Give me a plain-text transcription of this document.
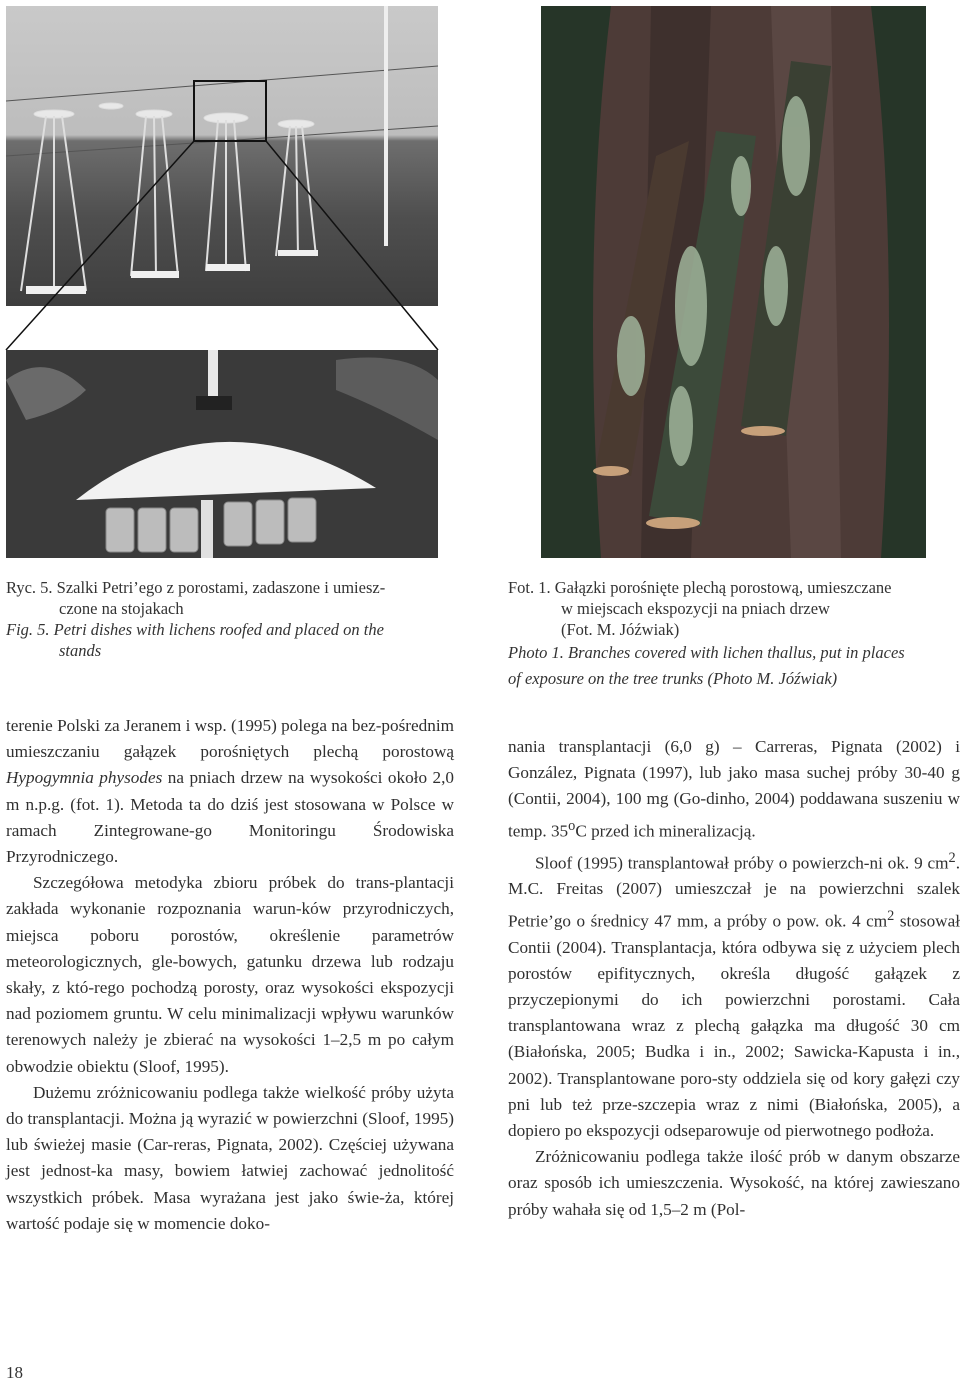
Ryc. 5. Szalki Petri’ego z porostami, zadaszone i umiesz-

czone na stojakach

Fig. 5. Petri dishes with lichens roofed and placed on the

stands

Fot. 1. Gałązki porośnięte plechą porostową, umieszczane

w miejscach ekspozycji na pniach drzew

(Fot. M. Jóźwiak)

Photo 1. Branches covered with lichen thallus, put in places

of exposure on the tree trunks (Photo M. Jóźwiak)

terenie Polski za Jeranem i wsp. (1995) polega na bez-pośrednim umieszczaniu gałązek porośniętych plechą porostową Hypogymnia physodes na pniach drzew na wysokości około 2,0 m n.p.g. (fot. 1). Metoda ta do dziś jest stosowana w Polsce w ramach Zintegrowane-go Monitoringu Środowiska Przyrodniczego.

Szczegółowa metodyka zbioru próbek do trans-plantacji zakłada wykonanie rozpoznania warun-ków przyrodniczych, miejsca poboru porostów, określenie parametrów meteorologicznych, gle-bowych, gatunku drzewa lub rodzaju skały, z któ-rego pochodzą porosty, oraz wysokości ekspozycji nad poziomem gruntu. W celu minimalizacji wpływu warunków terenowych należy je zbierać na wysokości 1–2,5 m po całym obwodzie obiektu (Sloof, 1995).

Dużemu zróżnicowaniu podlega także wielkość próby użyta do transplantacji. Można ją wyrazić w powierzchni (Sloof, 1995) lub świeżej masie (Car-reras, Pignata, 2002). Częściej używana jest jednost-ka masy, bowiem łatwiej zachować jednolitość wszystkich próbek. Masa wyrażana jest jako świe-ża, której wartość podaje się w momencie doko-

nania transplantacji (6,0 g) – Carreras, Pignata (2002) i González, Pignata (1997), lub jako masa suchej próby 30-40 g (Contii, 2004), 100 mg (Go-dinho, 2004) poddawana suszeniu w temp. 35$^o$C przed ich mineralizacją.

Sloof (1995) transplantował próby o powierzch-ni ok. 9 $cm^2$. M.C. Freitas (2007) umieszczał je na powierzchni szalek Petrie’go o średnicy 47 mm, a próby o pow. ok. 4 $cm^2$ stosował Contii (2004). Transplantacja, która odbywa się z użyciem plech porostów epifitycznych, określa długość gałązek z przyczepionymi do ich powierzchni porostami. Cała transplantowana wraz z plechą gałązka ma długość 30 cm (Białońska, 2005; Budka i in., 2002; Sawicka-Kapusta i in., 2002). Transplantowane poro-sty oddziela się od kory gałęzi czy pni lub też prze-szczepia wraz z nimi (Białońska, 2005), a dopiero po ekspozycji odseparowuje od pierwotnego podłoża.

Zróżnicowaniu podlega także ilość prób w danym obszarze oraz sposób ich umieszczenia. Wysokość, na której zawieszano próby wahała się od 1,5–2 m (Pol-

18
